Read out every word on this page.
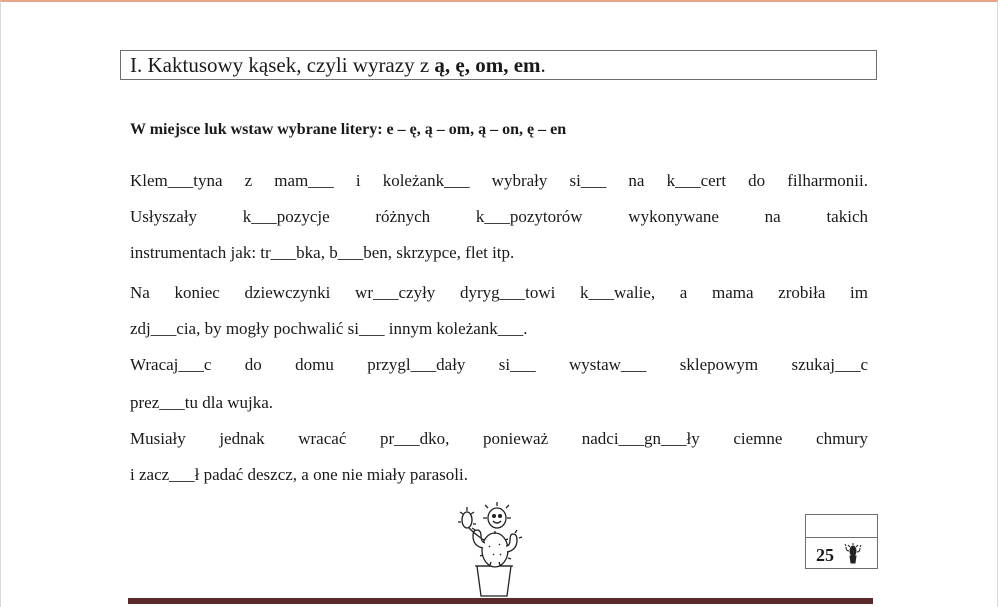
I. Kaktusowy kąsek, czyli wyrazy z ą, ę, om, em.
W miejsce luk wstaw wybrane litery: e – ę, ą – om, ą – on, ę – en
Klem___tyna z mam___ i koleżank___ wybrały si___ na k___cert do filharmonii.
Usłyszały k___pozycje różnych k___pozytorów wykonywane na takich
instrumentach jak: tr___bka, b___ben, skrzypce, flet itp.
Na koniec dziewczynki wr___czyły dyryg___towi k___walie, a mama zrobiła im
zdj___cia, by mogły pochwalić si___ innym koleżank___.
Wracaj___c do domu przygl___dały si___ wystaw___ sklepowym szukaj___c
prez___tu dla wujka.
Musiały jednak wracać pr___dko, ponieważ nadci___gn___ły ciemne chmury
i zacz___ł padać deszcz, a one nie miały parasoli.
25
